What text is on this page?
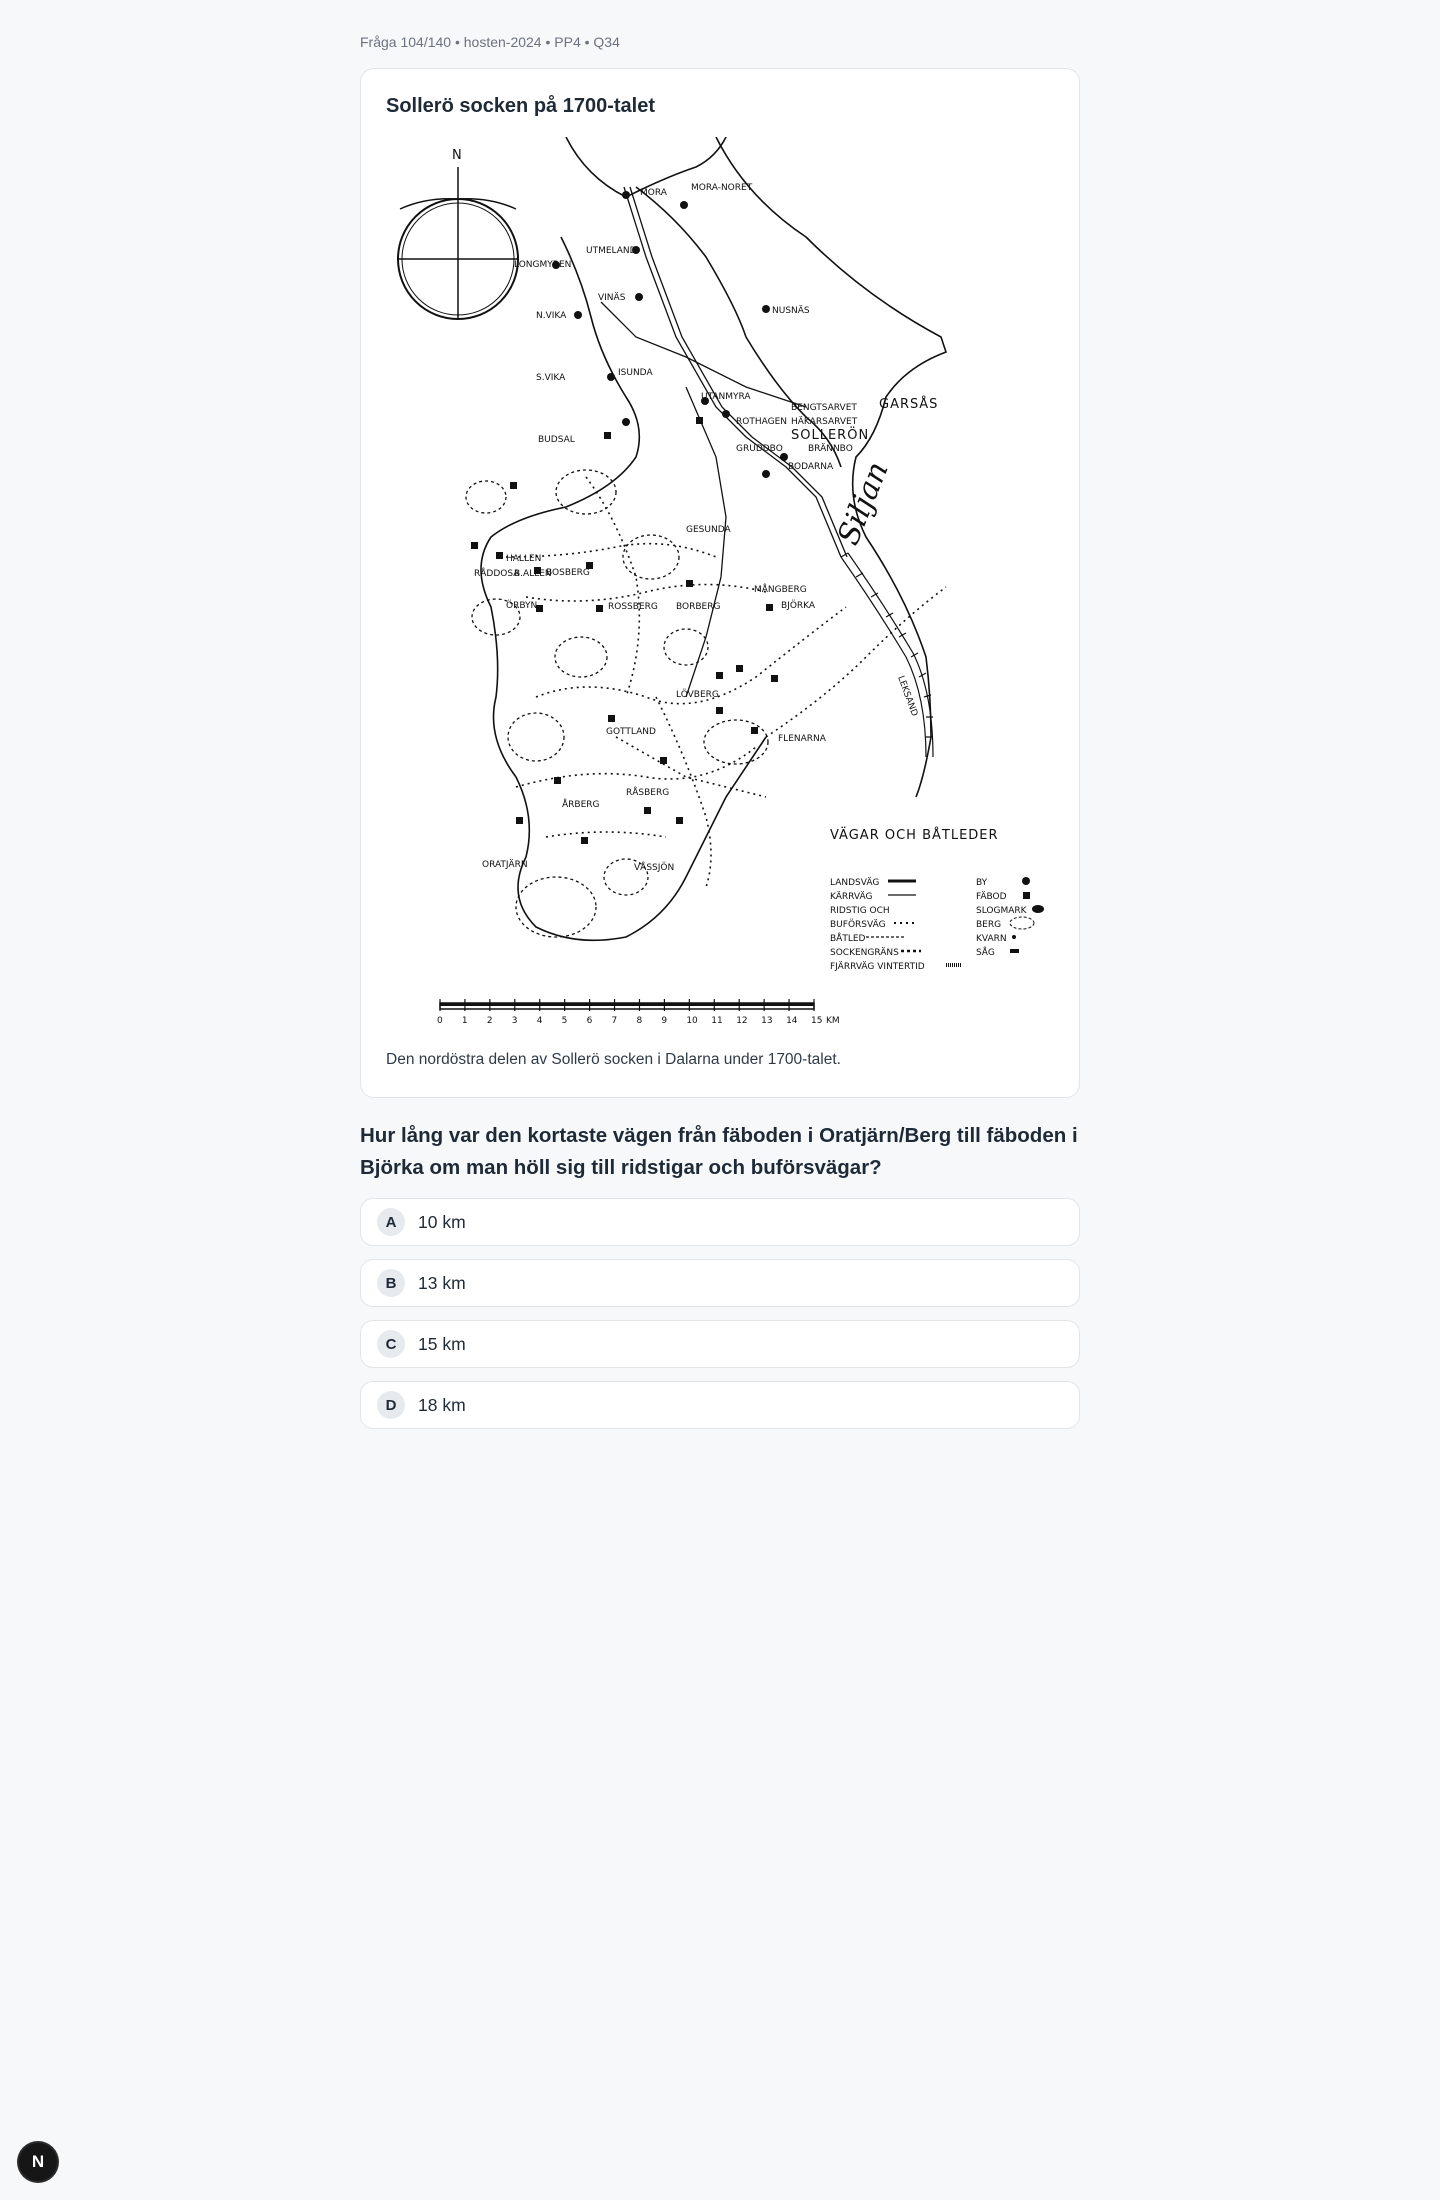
Fråga 104/140 • hosten-2024 • PP4 • Q34
Sollerö socken på 1700-talet
N
MORA	MORA-NORET
UTMELAND
LONGMYREN
VINÄS
NUSNÄS
N.VIKA
S.VIKA	ISUNDA
UTANMYRA
BENGTSARVET GARSÅS
HÄKARSARVET
ROTHAGEN
GRUDDBO
SOLLERÖN
BRÄNNBO
BODARNA
BUDSAL
GESUNDA
HALLEN
RÅDDOSA
B.ALLEN
BOSBERG
MÅNGBERG
BJÖRKA
ÖRBYN	ROSSBERG BORBERG
LÖVBERG
GOTTLAND
FLENARNA
RÅSBERG
ÅRBERG
ORATJÄRN	VÅSSJÖN
Siljan
LEKSAND
VÄGAR OCH BÅTLEDER
LANDSVÄG
KÄRRVÄG
RIDSTIG OCH
BUFÖRSVÄG
BÅTLED
SOCKENGRÄNS
FJÄRRVÄG VINTERTID
BY
FÄBOD
SLOGMARK
BERG
KVARN
SÅG
0 1 2 3 4 5 6 7 8 9 10 11 12 13 14 15 KM
Den nordöstra delen av Sollerö socken i Dalarna under 1700-talet.
Hur lång var den kortaste vägen från fäboden i Oratjärn/Berg till fäboden i Björka om man höll sig till ridstigar och buförsvägar?
A	10 km
B	13 km
C	15 km
D	18 km
N
